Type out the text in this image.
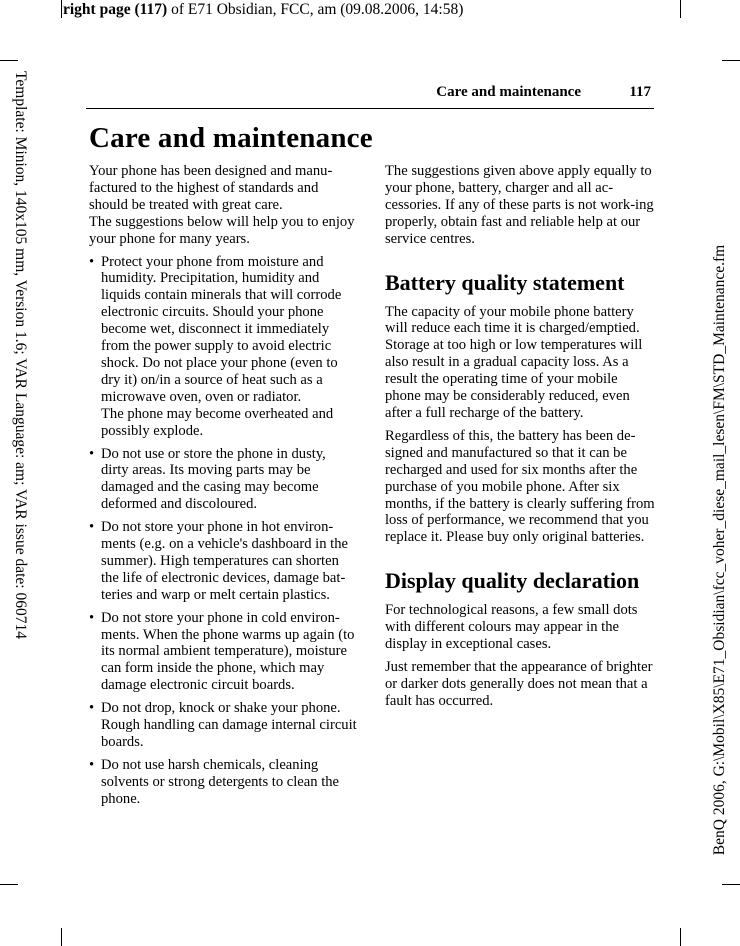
right page (117) of E71 Obsidian, FCC, am (09.08.2006, 14:58)
Template: Minion, 140x105 mm, Version 1.6; VAR Language: am; VAR issue date: 060714	BenQ 2006, G:\Mobil\X85\E71_Obsidian\fcc_voher_diese_mail_lesen\FM\STD_Maintenance.fm
Care and maintenance	117
Care and maintenance

Your phone has been designed and manu-factured to the highest of standards and should be treated with great care.

The suggestions below will help you to enjoy your phone for many years.

• Protect your phone from moisture and humidity. Precipitation, humidity and liquids contain minerals that will corrode electronic circuits. Should your phone become wet, disconnect it immediately from the power supply to avoid electric shock. Do not place your phone (even to dry it) on/in a source of heat such as a microwave oven, oven or radiator.
The phone may become overheated and possibly explode.
• Do not use or store the phone in dusty, dirty areas. Its moving parts may be damaged and the casing may become deformed and discoloured.
• Do not store your phone in hot environ-ments (e.g. on a vehicle's dashboard in the summer). High temperatures can shorten the life of electronic devices, damage bat-teries and warp or melt certain plastics.
• Do not store your phone in cold environ-ments. When the phone warms up again (to its normal ambient temperature), moisture can form inside the phone, which may damage electronic circuit boards.
• Do not drop, knock or shake your phone. Rough handling can damage internal circuit boards.
• Do not use harsh chemicals, cleaning solvents or strong detergents to clean the phone.

The suggestions given above apply equally to your phone, battery, charger and all ac-cessories. If any of these parts is not work-ing properly, obtain fast and reliable help at our service centres.

Battery quality statement

The capacity of your mobile phone battery will reduce each time it is charged/emptied. Storage at too high or low temperatures will also result in a gradual capacity loss. As a result the operating time of your mobile phone may be considerably reduced, even after a full recharge of the battery.

Regardless of this, the battery has been de-signed and manufactured so that it can be recharged and used for six months after the purchase of you mobile phone. After six months, if the battery is clearly suffering from loss of performance, we recommend that you replace it. Please buy only original batteries.

Display quality declaration

For technological reasons, a few small dots with different colours may appear in the display in exceptional cases.

Just remember that the appearance of brighter or darker dots generally does not mean that a fault has occurred.
